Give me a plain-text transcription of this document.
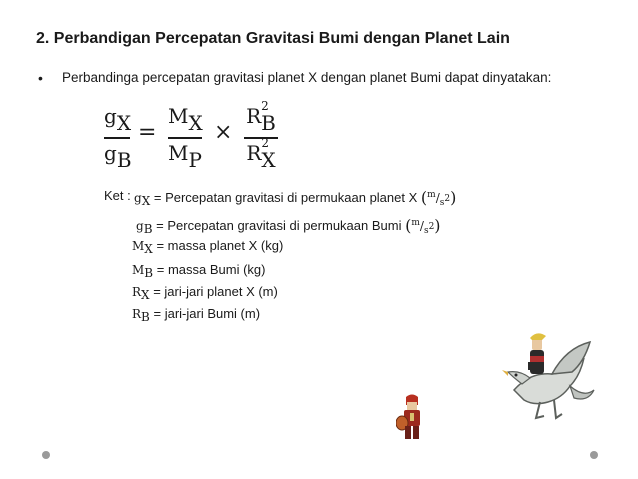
2. Perbandigan Percepatan Gravitasi Bumi dengan Planet Lain
• Perbandinga percepatan gravitasi planet X dengan planet Bumi dapat dinyatakan:
$g_X$
$g_B$
=
$M_X$
$M_P$
×
R 2
$_B$
R 2
$_X$
Ket : $g_X$ = Percepatan gravitasi di permukaan planet X $(^m/_{s^2})$
$g_B$ = Percepatan gravitasi di permukaan Bumi $(^m/_{s^2})$
$M_X$ = massa planet X (kg)
$M_B$ = massa Bumi (kg)
$R_X$ = jari-jari planet X (m)
$R_B$ = jari-jari Bumi (m)
